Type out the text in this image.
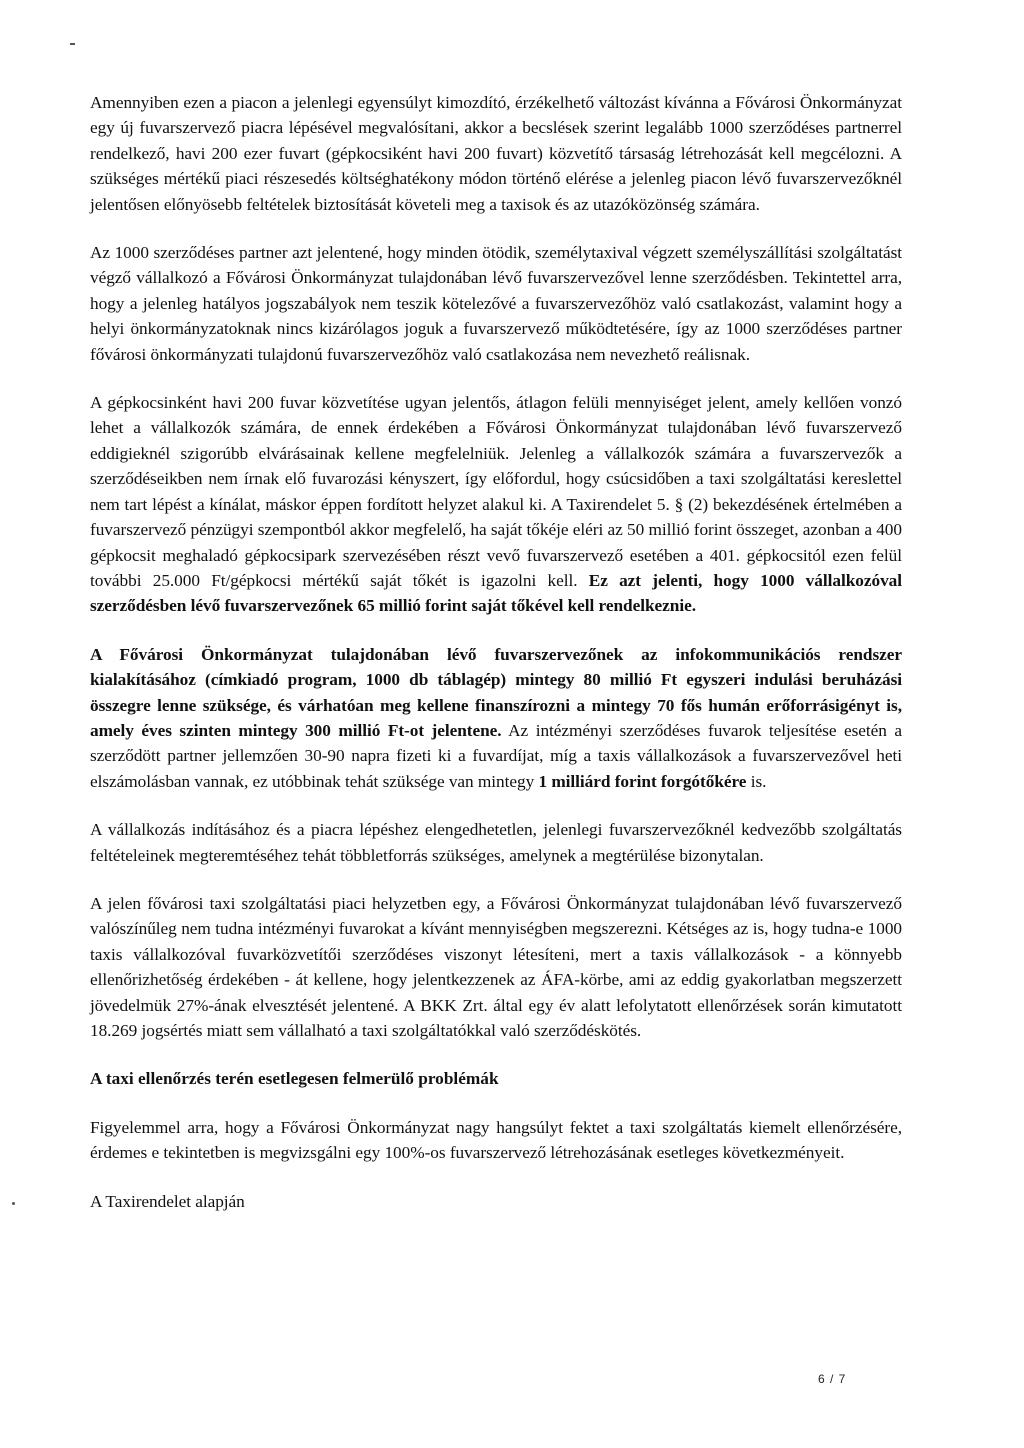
Amennyiben ezen a piacon a jelenlegi egyensúlyt kimozdító, érzékelhető változást kívánna a Fővárosi Önkormányzat egy új fuvarszervező piacra lépésével megvalósítani, akkor a becslések szerint legalább 1000 szerződéses partnerrel rendelkező, havi 200 ezer fuvart (gépkocsiként havi 200 fuvart) közvetítő társaság létrehozását kell megcélozni. A szükséges mértékű piaci részesedés költséghatékony módon történő elérése a jelenleg piacon lévő fuvarszervezőknél jelentősen előnyösebb feltételek biztosítását követeli meg a taxisok és az utazóközönség számára.

Az 1000 szerződéses partner azt jelentené, hogy minden ötödik, személytaxival végzett személyszállítási szolgáltatást végző vállalkozó a Fővárosi Önkormányzat tulajdonában lévő fuvarszervezővel lenne szerződésben. Tekintettel arra, hogy a jelenleg hatályos jogszabályok nem teszik kötelezővé a fuvarszervezőhöz való csatlakozást, valamint hogy a helyi önkormányzatoknak nincs kizárólagos joguk a fuvarszervező működtetésére, így az 1000 szerződéses partner fővárosi önkormányzati tulajdonú fuvarszervezőhöz való csatlakozása nem nevezhető reálisnak.

A gépkocsinként havi 200 fuvar közvetítése ugyan jelentős, átlagon felüli mennyiséget jelent, amely kellően vonzó lehet a vállalkozók számára, de ennek érdekében a Fővárosi Önkormányzat tulajdonában lévő fuvarszervező eddigieknél szigorúbb elvárásainak kellene megfelelniük. Jelenleg a vállalkozók számára a fuvarszervezők a szerződéseikben nem írnak elő fuvarozási kényszert, így előfordul, hogy csúcsidőben a taxi szolgáltatási kereslettel nem tart lépést a kínálat, máskor éppen fordított helyzet alakul ki. A Taxirendelet 5. § (2) bekezdésének értelmében a fuvarszervező pénzügyi szempontból akkor megfelelő, ha saját tőkéje eléri az 50 millió forint összeget, azonban a 400 gépkocsit meghaladó gépkocsipark szervezésében részt vevő fuvarszervező esetében a 401. gépkocsitól ezen felül további 25.000 Ft/gépkocsi mértékű saját tőkét is igazolni kell. Ez azt jelenti, hogy 1000 vállalkozóval szerződésben lévő fuvarszervezőnek 65 millió forint saját tőkével kell rendelkeznie.

A Fővárosi Önkormányzat tulajdonában lévő fuvarszervezőnek az infokommunikációs rendszer kialakításához (címkiadó program, 1000 db táblagép) mintegy 80 millió Ft egyszeri indulási beruházási összegre lenne szüksége, és várhatóan meg kellene finanszírozni a mintegy 70 fős humán erőforrásigényt is, amely éves szinten mintegy 300 millió Ft-ot jelentene. Az intézményi szerződéses fuvarok teljesítése esetén a szerződött partner jellemzően 30-90 napra fizeti ki a fuvardíjat, míg a taxis vállalkozások a fuvarszervezővel heti elszámolásban vannak, ez utóbbinak tehát szüksége van mintegy 1 milliárd forint forgótőkére is.

A vállalkozás indításához és a piacra lépéshez elengedhetetlen, jelenlegi fuvarszervezőknél kedvezőbb szolgáltatás feltételeinek megteremtéséhez tehát többletforrás szükséges, amelynek a megtérülése bizonytalan.

A jelen fővárosi taxi szolgáltatási piaci helyzetben egy, a Fővárosi Önkormányzat tulajdonában lévő fuvarszervező valószínűleg nem tudna intézményi fuvarokat a kívánt mennyiségben megszerezni. Kétséges az is, hogy tudna-e 1000 taxis vállalkozóval fuvarközvetítői szerződéses viszonyt létesíteni, mert a taxis vállalkozások - a könnyebb ellenőrizhetőség érdekében - át kellene, hogy jelentkezzenek az ÁFA-körbe, ami az eddig gyakorlatban megszerzett jövedelmük 27%-ának elvesztését jelentené. A BKK Zrt. által egy év alatt lefolytatott ellenőrzések során kimutatott 18.269 jogsértés miatt sem vállalható a taxi szolgáltatókkal való szerződéskötés.

A taxi ellenőrzés terén esetlegesen felmerülő problémák

Figyelemmel arra, hogy a Fővárosi Önkormányzat nagy hangsúlyt fektet a taxi szolgáltatás kiemelt ellenőrzésére, érdemes e tekintetben is megvizsgálni egy 100%-os fuvarszervező létrehozásának esetleges következményeit.

A Taxirendelet alapján

6 / 7
